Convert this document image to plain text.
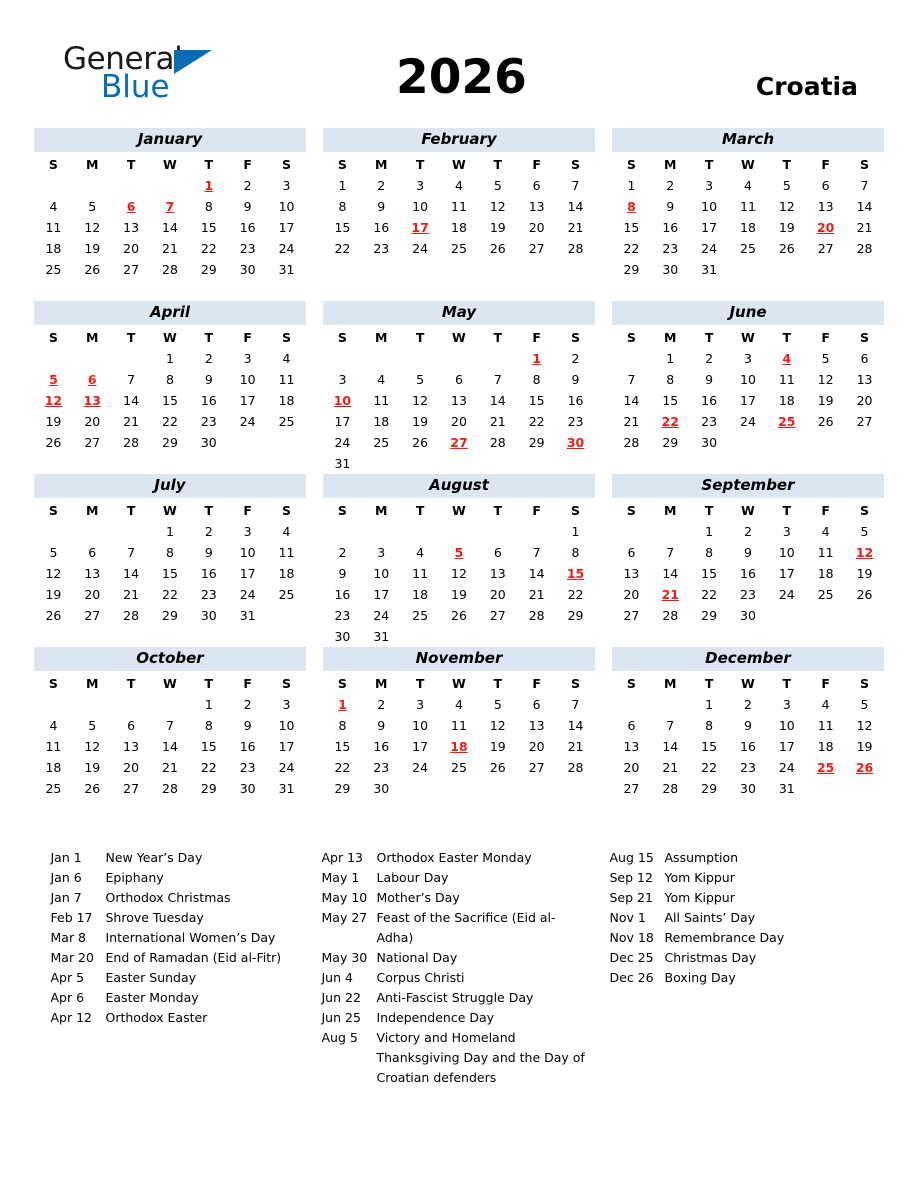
General
Blue	2026	Croatia
January
S	M	T	W	T	F	S
				1	2	3
4	5	6	7	8	9	10
11	12	13	14	15	16	17
18	19	20	21	22	23	24
25	26	27	28	29	30	31
February
S	M	T	W	T	F	S
1	2	3	4	5	6	7
8	9	10	11	12	13	14
15	16	17	18	19	20	21
22	23	24	25	26	27	28
March
S	M	T	W	T	F	S
1	2	3	4	5	6	7
8	9	10	11	12	13	14
15	16	17	18	19	20	21
22	23	24	25	26	27	28
29	30	31				
April
S	M	T	W	T	F	S
			1	2	3	4
5	6	7	8	9	10	11
12	13	14	15	16	17	18
19	20	21	22	23	24	25
26	27	28	29	30		
May
S	M	T	W	T	F	S
					1	2
3	4	5	6	7	8	9
10	11	12	13	14	15	16
17	18	19	20	21	22	23
24	25	26	27	28	29	30
31						
June
S	M	T	W	T	F	S
	1	2	3	4	5	6
7	8	9	10	11	12	13
14	15	16	17	18	19	20
21	22	23	24	25	26	27
28	29	30				
July
S	M	T	W	T	F	S
			1	2	3	4
5	6	7	8	9	10	11
12	13	14	15	16	17	18
19	20	21	22	23	24	25
26	27	28	29	30	31	
August
S	M	T	W	T	F	S
						1
2	3	4	5	6	7	8
9	10	11	12	13	14	15
16	17	18	19	20	21	22
23	24	25	26	27	28	29
30	31					
September
S	M	T	W	T	F	S
		1	2	3	4	5
6	7	8	9	10	11	12
13	14	15	16	17	18	19
20	21	22	23	24	25	26
27	28	29	30			
October
S	M	T	W	T	F	S
				1	2	3
4	5	6	7	8	9	10
11	12	13	14	15	16	17
18	19	20	21	22	23	24
25	26	27	28	29	30	31
November
S	M	T	W	T	F	S
1	2	3	4	5	6	7
8	9	10	11	12	13	14
15	16	17	18	19	20	21
22	23	24	25	26	27	28
29	30					
December
S	M	T	W	T	F	S
		1	2	3	4	5
6	7	8	9	10	11	12
13	14	15	16	17	18	19
20	21	22	23	24	25	26
27	28	29	30	31		
Jan 1	New Year’s Day
Jan 6	Epiphany
Jan 7	Orthodox Christmas
Feb 17	Shrove Tuesday
Mar 8	International Women’s Day
Mar 20 End of Ramadan (Eid al-Fitr)
Apr 5	Easter Sunday
Apr 6	Easter Monday
Apr 12	Orthodox Easter
Apr 13	Orthodox Easter Monday
May 1	Labour Day
May 10 Mother’s Day
May 27 Feast of the Sacrifice (Eid al-Adha)
May 30 National Day
Jun 4	Corpus Christi
Jun 22	Anti-Fascist Struggle Day
Jun 25	Independence Day
Aug 5	Victory and Homeland Thanksgiving Day and the Day of Croatian defenders
Aug 15 Assumption
Sep 12 Yom Kippur
Sep 21 Yom Kippur
Nov 1	All Saints’ Day
Nov 18 Remembrance Day
Dec 25 Christmas Day
Dec 26 Boxing Day
